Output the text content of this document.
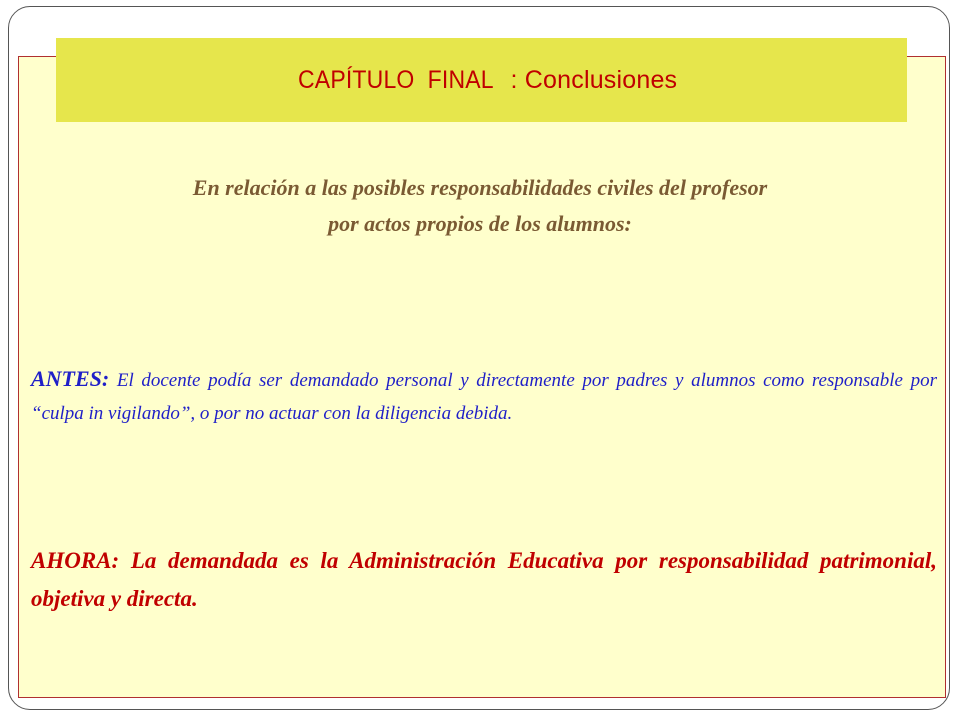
CAPÍTULO  FINAL : Conclusiones
En relación a las posibles responsabilidades civiles del profesor
por actos propios de los alumnos:
ANTES: El docente podía ser demandado personal y directamente por padres y alumnos como responsable por “culpa in vigilando”, o por no actuar con la diligencia debida.
AHORA: La demandada es la Administración Educativa por responsabilidad patrimonial, objetiva y directa.
